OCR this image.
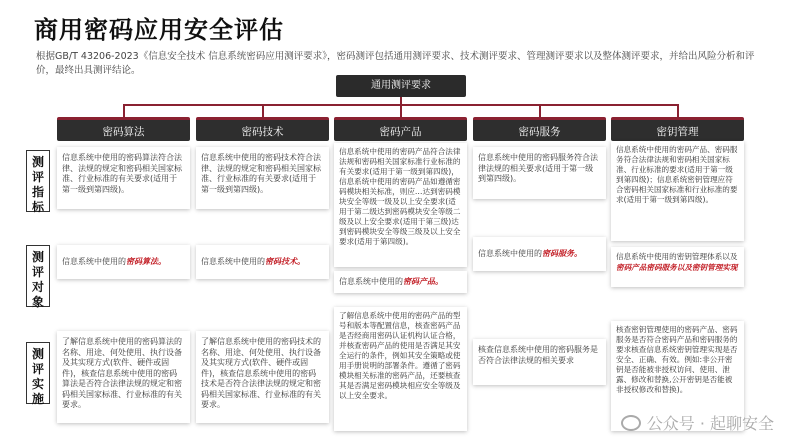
商用密码应用安全评估
根据GB/T 43206-2023《信息安全技术 信息系统密码应用测评要求》，密码测评包括通用测评要求、技术测评要求、管理测评要求以及整体测评要求，并给出风险分析和评价，最终出具测评结论。
通用测评要求
测
评
指
标
测
评
对
象
测
评
实
施
密码算法
信息系统中使用的密码算法符合法律、法规的规定和密码相关国家标准、行业标准的有关要求(适用于第一级到第四级)。
信息系统中使用的密码算法。
了解信息系统中使用的密码算法的名称、用途、何处使用、执行设备及其实现方式(软件、硬件或固件)，核查信息系统中使用的密码算法是否符合法律法规的规定和密码相关国家标准、行业标准的有关要求。
密码技术
信息系统中使用的密码技术符合法律、法规的规定和密码相关国家标准、行业标准的有关要求(适用于第一级到第四级)。
信息系统中使用的密码技术。
了解信息系统中使用的密码技术的名称、用途、何处使用、执行设备及其实现方式(软件、硬件或固件)，核查信息系统中使用的密码技术是否符合法律法规的规定和密码相关国家标准、行业标准的有关要求。
密码产品
信息系统中使用的密码产品符合法律法规和密码相关国家标准行业标准的有关要求(适用于第一级到第四级)，信息系统中使用的密码产品如遵循密码模块相关标准，则应…达到密码模块安全等级一级及以上安全要求(适用于第二级达到密码模块安全等级二级及以上安全要求(适用于第三级)达到密码模块安全等级三级及以上安全要求(适用于第四级)。
信息系统中使用的密码产品。
了解信息系统中使用的密码产品的型号和版本等配置信息，核查密码产品是否经商用密码认证机构认证合格，并核查密码产品的使用是否满足其安全运行的条件，例如其安全策略或使用手册说明的部署条件。遵循了密码模块相关标准的密码产品，还要核查其是否满足密码模块相应安全等级及以上安全要求。
密码服务
信息系统中使用的密码服务符合法律法规的相关要求(适用于第一级到第四级)。
信息系统中使用的密码服务。
核查信息系统中使用的密码服务是否符合法律法规的相关要求
密钥管理
信息系统中使用的密码产品、密码服务符合法律法规和密码相关国家标准、行业标准的要求(适用于第一级到第四级)；信息系统密钥管理应符合密码相关国家标准和行业标准的要求(适用于第一级到第四级)。
信息系统中使用的密钥管理体系以及密码产品密码服务以及密钥管理实现
核查密钥管理使用的密码产品、密码服务是否符合密码产品和密码服务的要求核查信息系统密钥管理实现是否安全、正确、有效。例如:非公开密钥是否能被非授权访问、使用、泄露、修改和替换,公开密钥是否能被非授权修改和替换)。
公众号 · 起聊安全
